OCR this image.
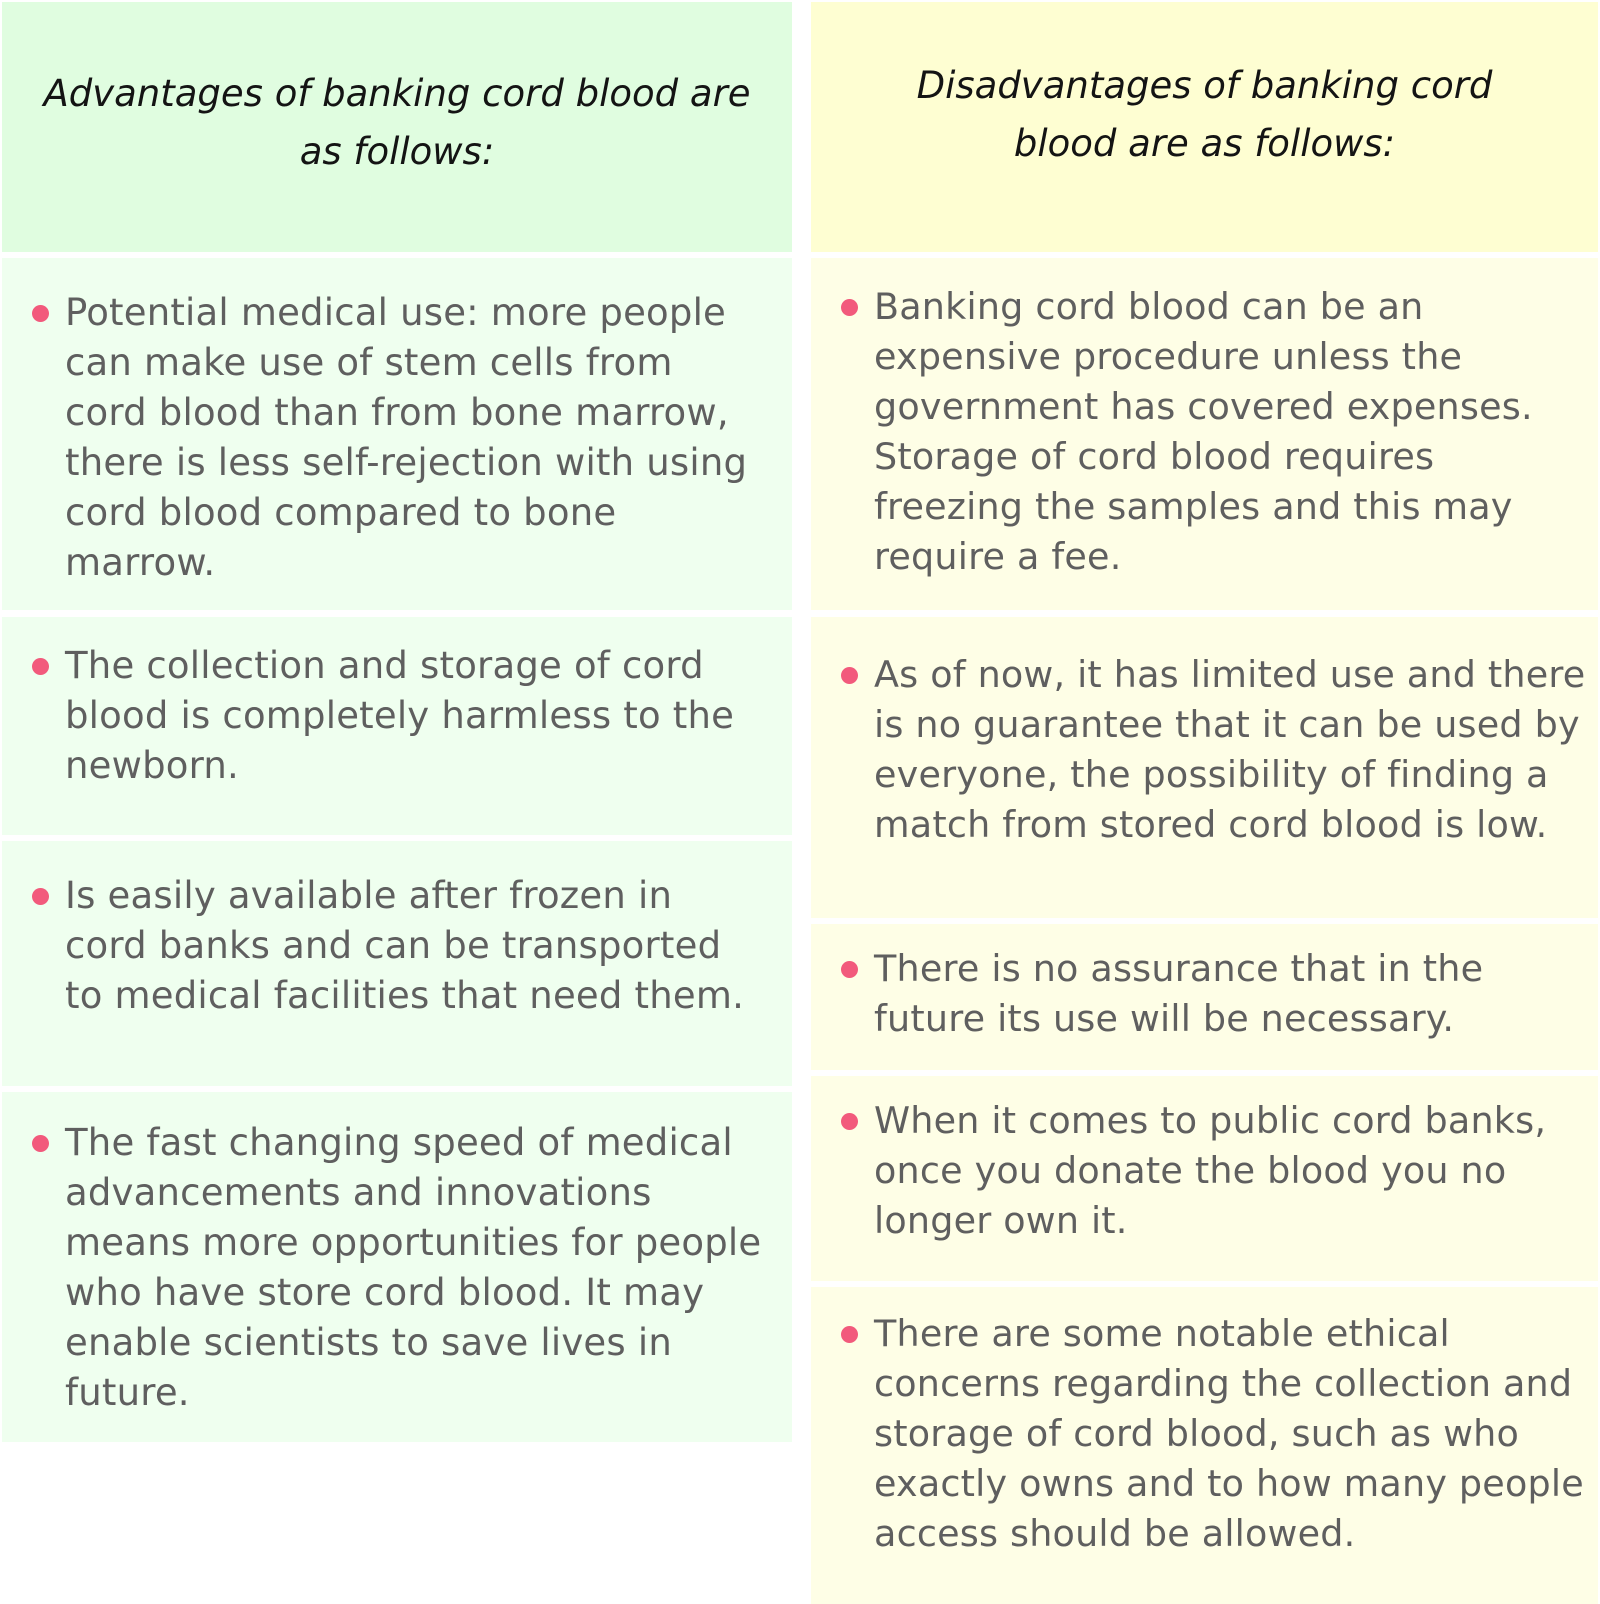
Advantages of banking cord blood are as follows:
Potential medical use: more people can make use of stem cells from cord blood than from bone marrow, there is less self-rejection with using cord blood compared to bone marrow.
The collection and storage of cord blood is completely harmless to the newborn.
Is easily available after frozen in cord banks and can be transported to medical facilities that need them.
The fast changing speed of medical advancements and innovations means more opportunities for people who have store cord blood. It may enable scientists to save lives in future.
Disadvantages of banking cord blood are as follows:
Banking cord blood can be an expensive procedure unless the government has covered expenses. Storage of cord blood requires freezing the samples and this may require a fee.
As of now, it has limited use and there is no guarantee that it can be used by everyone, the possibility of finding a match from stored cord blood is low.
There is no assurance that in the future its use will be necessary.
When it comes to public cord banks, once you donate the blood you no longer own it.
There are some notable ethical concerns regarding the collection and storage of cord blood, such as who exactly owns and to how many people access should be allowed.
